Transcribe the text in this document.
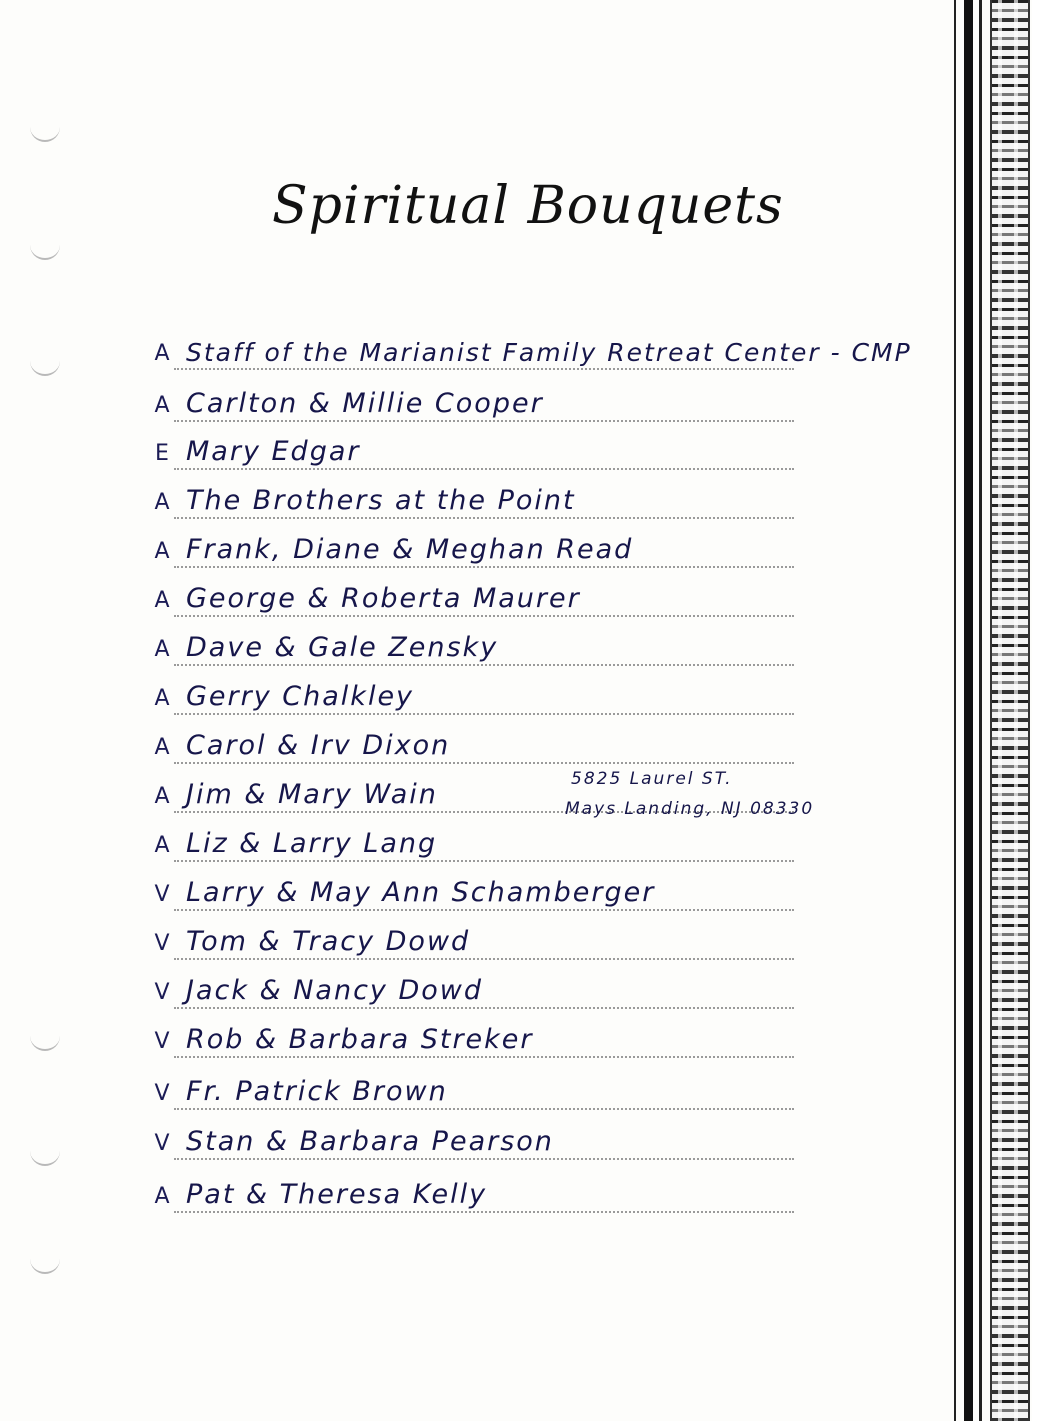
Spiritual Bouquets
A Staff of the Marianist Family Retreat Center - CMP
A Carlton & Millie Cooper
E Mary Edgar
A The Brothers at the Point
A Frank, Diane & Meghan Read
A George & Roberta Maurer
A Dave & Gale Zensky
A Gerry Chalkley
A Carol & Irv Dixon
A Jim & Mary Wain
A Liz & Larry Lang
V Larry & May Ann Schamberger
V Tom & Tracy Dowd
V Jack & Nancy Dowd
V Rob & Barbara Streker
V Fr. Patrick Brown
V Stan & Barbara Pearson
A Pat & Theresa Kelly
5825 Laurel ST.
Mays Landing, NJ 08330
